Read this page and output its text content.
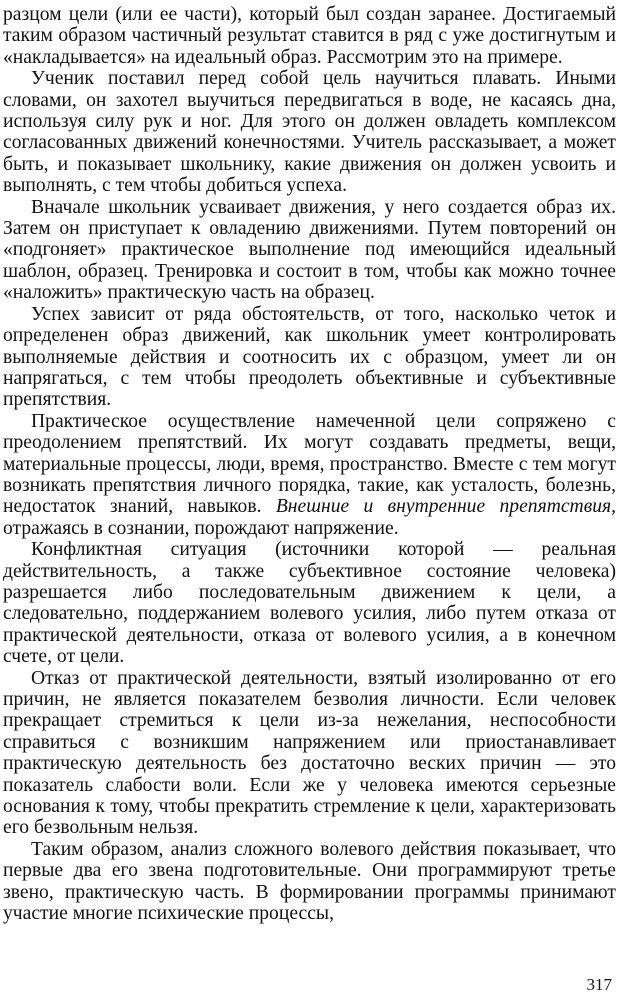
разцом цели (или ее части), который был создан заранее. Достигаемый таким образом частичный результат ставится в ряд с уже достигнутым и «накладывается» на идеальный образ. Рассмотрим это на примере.

Ученик поставил перед собой цель научиться плавать. Иными словами, он захотел выучиться передвигаться в воде, не касаясь дна, используя силу рук и ног. Для этого он должен овладеть комплексом согласованных движений конечностями. Учитель рассказывает, а может быть, и показывает школьнику, какие движения он должен усвоить и выполнять, с тем чтобы добиться успеха.

Вначале школьник усваивает движения, у него создается образ их. Затем он приступает к овладению движениями. Путем повторений он «подгоняет» практическое выполнение под имеющийся идеальный шаблон, образец. Тренировка и состоит в том, чтобы как можно точнее «наложить» практическую часть на образец.

Успех зависит от ряда обстоятельств, от того, насколько четок и определенен образ движений, как школьник умеет контролировать выполняемые действия и соотносить их с образцом, умеет ли он напрягаться, с тем чтобы преодолеть объективные и субъективные препятствия.

Практическое осуществление намеченной цели сопряжено с преодолением препятствий. Их могут создавать предметы, вещи, материальные процессы, люди, время, пространство. Вместе с тем могут возникать препятствия личного порядка, такие, как усталость, болезнь, недостаток знаний, навыков. Внешние и внутренние препятствия, отражаясь в сознании, порождают напряжение.

Конфликтная ситуация (источники которой — реальная действительность, а также субъективное состояние человека) разрешается либо последовательным движением к цели, а следовательно, поддержанием волевого усилия, либо путем отказа от практической деятельности, отказа от волевого усилия, а в конечном счете, от цели.

Отказ от практической деятельности, взятый изолированно от его причин, не является показателем безволия личности. Если человек прекращает стремиться к цели из-за нежелания, неспособности справиться с возникшим напряжением или приостанавливает практическую деятельность без достаточно веских причин — это показатель слабости воли. Если же у человека имеются серьезные основания к тому, чтобы прекратить стремление к цели, характеризовать его безвольным нельзя.

Таким образом, анализ сложного волевого действия показывает, что первые два его звена подготовительные. Они программируют третье звено, практическую часть. В формировании программы принимают участие многие психические процессы,

317
